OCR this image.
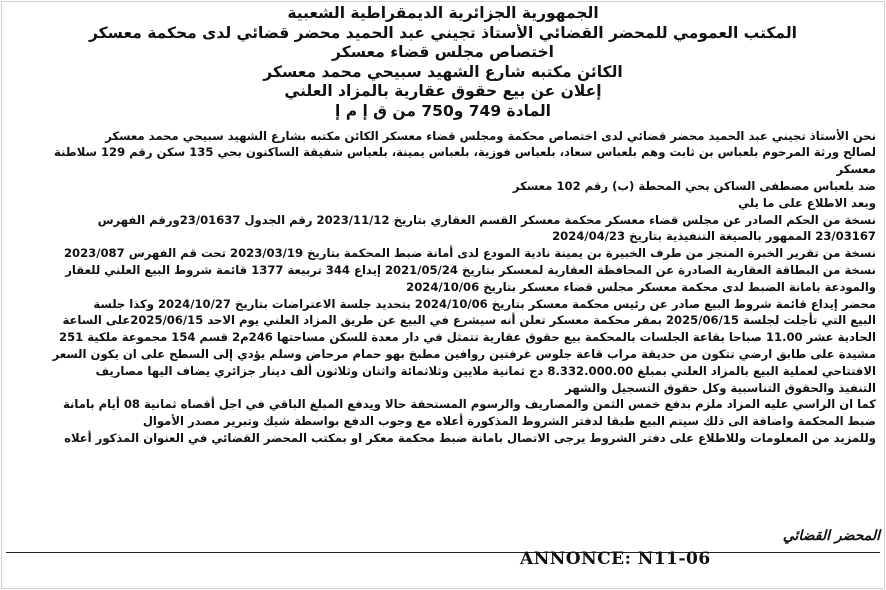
الجمهورية الجزائرية الديمقراطية الشعبية

المكتب العمومي للمحضر القضائي الأستاذ تجيني عبد الحميد محضر قضائي لدى محكمة معسكر

اختصاص مجلس قضاء معسكر

الكائن مكتبه شارع الشهيد سبيحي محمد معسكر

إعلان عن بيع حقوق عقارية بالمزاد العلني

المادة 749 و750 من ق إ م إ

نحن الأستاذ تجيني عبد الحميد محضر قضائي لدى اختصاص محكمة ومجلس قضاء معسكر الكائن مكتبه بشارع الشهيد سبيحي محمد معسكر

لصالح ورثة المرحوم بلعباس بن ثابت وهم بلعباس سعاد، بلعباس فوزية، بلعباس يمينة، بلعباس شفيقة الساكنون بحي 135 سكن رقم 129 سلاطنة

معسكر

ضد بلعباس مصطفى الساكن بحي المحطة (ب) رقم 102 معسكر

وبعد الاطلاع على ما يلي

نسخة من الحكم الصادر عن مجلس قضاء معسكر محكمة معسكر القسم العقاري بتاريخ 2023/11/12 رقم الجدول 23/01637ورقم الفهرس

23/03167 الممهور بالصيغة التنفيذية بتاريخ 2024/04/23

نسخة من تقرير الخبرة المنجز من طرف الخبيرة بن يمينة نادية المودع لدى أمانة ضبط المحكمة بتاريخ 2023/03/19 تحت قم الفهرس 2023/087

نسخة من البطاقة العقارية الصادرة عن المحافظة العقارية لمعسكر بتاريخ 2021/05/24 إيداع 344 تربيعة 1377 قائمة شروط البيع العلني للعقار

والمودعة بامانة الضبط لدى محكمة معسكر مجلس قضاء معسكر بتاريخ 2024/10/06

محضر إيداع قائمة شروط البيع صادر عن رئيس محكمة معسكر بتاريخ 2024/10/06 بتحديد جلسة الاعتراضات بتاريخ 2024/10/27 وكذا جلسة

البيع التي تأجلت لجلسة 2025/06/15 بمقر محكمة معسكر تعلن أنه سيشرع في البيع عن طريق المزاد العلني يوم الاحد 2025/06/15على الساعة

الحادية عشر 11.00 صباحا بقاعة الجلسات بالمحكمة بيع حقوق عقارية تتمثل في دار معدة للسكن مساحتها 246م2 قسم 154 مجموعة ملكية 251

مشيدة على طابق ارضي تتكون من حديقة مراب قاعة جلوس غرفتين روافين مطبخ بهو حمام مرحاض وسلم يؤدي إلى السطح على ان يكون السعر

الافتتاحي لعملية البيع بالمزاد العلني بمبلغ 8.332.000.00 دج ثمانية ملايين وثلاثمائة واثنان وثلاثون ألف دينار جزائري يضاف اليها مصاريف

التنفيذ والحقوق التناسبية وكل حقوق التسجيل والشهر

كما ان الراسي عليه المزاد ملزم بدفع خمس الثمن والمصاريف والرسوم المستحقة حالا ويدفع المبلغ الباقي في اجل أقصاه ثمانية 08 أيام بامانة

ضبط المحكمة واضافة الى ذلك سيتم البيع طبقا لدفتر الشروط المذكورة أعلاه مع وجوب الدفع بواسطة شيك وتبرير مصدر الأموال

وللمزيد من المعلومات وللاطلاع على دفتر الشروط يرجى الاتصال بامانة ضبط محكمة معكر او بمكتب المحضر القضائي في العنوان المذكور أعلاه

المحضر القضائي
ANNONCE: N11-06
